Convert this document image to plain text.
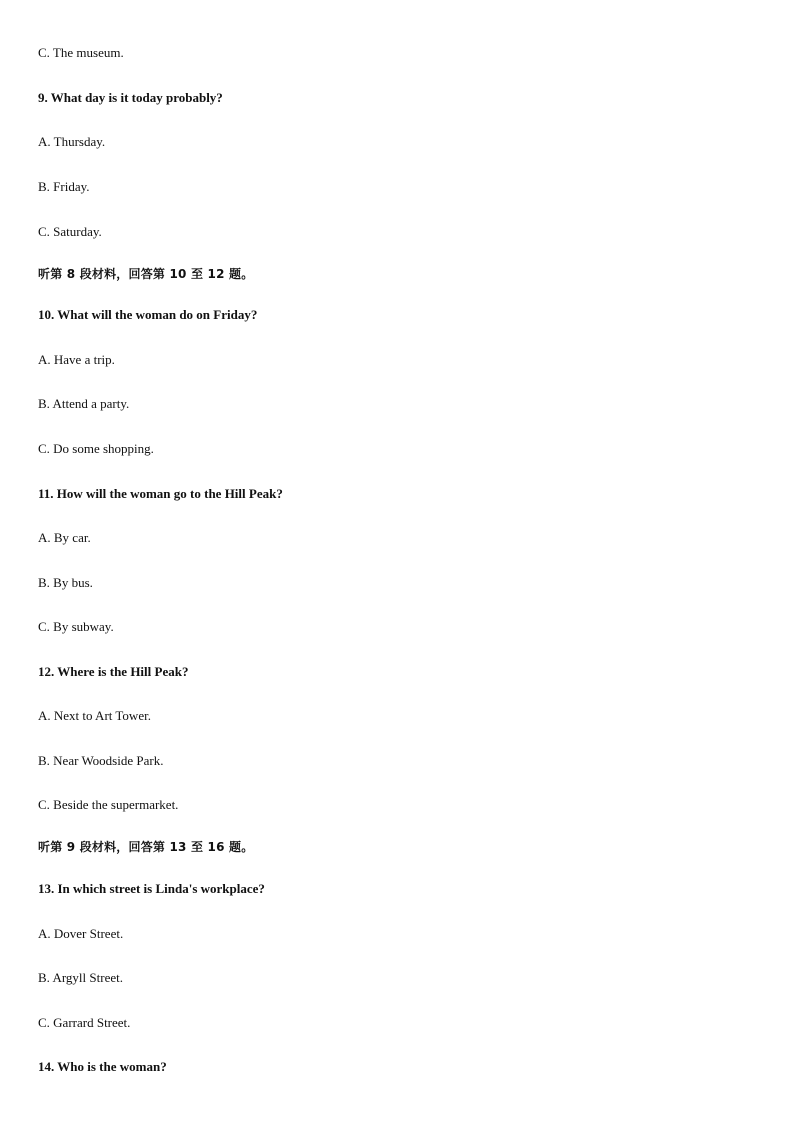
C. The museum.
9. What day is it today probably?
A. Thursday.
B. Friday.
C. Saturday.
听第 8 段材料，回答第 10 至 12 题。
10. What will the woman do on Friday?
A. Have a trip.
B. Attend a party.
C. Do some shopping.
11. How will the woman go to the Hill Peak?
A. By car.
B. By bus.
C. By subway.
12. Where is the Hill Peak?
A. Next to Art Tower.
B. Near Woodside Park.
C. Beside the supermarket.
听第 9 段材料，回答第 13 至 16 题。
13. In which street is Linda's workplace?
A. Dover Street.
B. Argyll Street.
C. Garrard Street.
14. Who is the woman?
